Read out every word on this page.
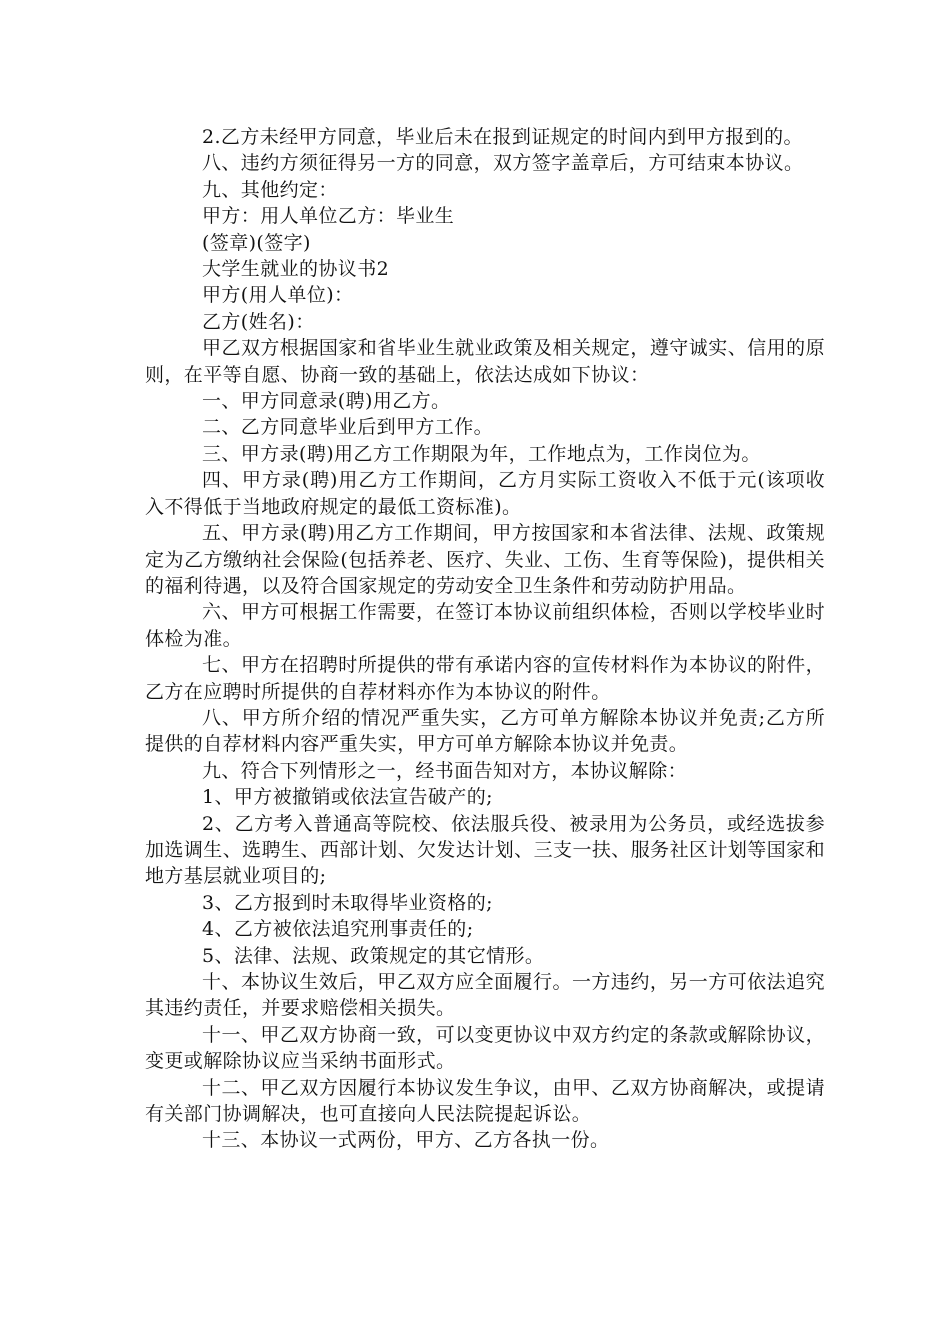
2.乙方未经甲方同意，毕业后未在报到证规定的时间内到甲方报到的。

八、违约方须征得另一方的同意，双方签字盖章后，方可结束本协议。

九、其他约定：

甲方：用人单位乙方：毕业生

(签章)(签字)

大学生就业的协议书2

甲方(用人单位)：

乙方(姓名)：

甲乙双方根据国家和省毕业生就业政策及相关规定，遵守诚实、信用的原则，在平等自愿、协商一致的基础上，依法达成如下协议：

一、甲方同意录(聘)用乙方。

二、乙方同意毕业后到甲方工作。

三、甲方录(聘)用乙方工作期限为年，工作地点为，工作岗位为。

四、甲方录(聘)用乙方工作期间，乙方月实际工资收入不低于元(该项收入不得低于当地政府规定的最低工资标准)。

五、甲方录(聘)用乙方工作期间，甲方按国家和本省法律、法规、政策规定为乙方缴纳社会保险(包括养老、医疗、失业、工伤、生育等保险)，提供相关的福利待遇，以及符合国家规定的劳动安全卫生条件和劳动防护用品。

六、甲方可根据工作需要，在签订本协议前组织体检，否则以学校毕业时体检为准。

七、甲方在招聘时所提供的带有承诺内容的宣传材料作为本协议的附件，乙方在应聘时所提供的自荐材料亦作为本协议的附件。

八、甲方所介绍的情况严重失实，乙方可单方解除本协议并免责;乙方所提供的自荐材料内容严重失实，甲方可单方解除本协议并免责。

九、符合下列情形之一，经书面告知对方，本协议解除：

1、甲方被撤销或依法宣告破产的;

2、乙方考入普通高等院校、依法服兵役、被录用为公务员，或经选拔参加选调生、选聘生、西部计划、欠发达计划、三支一扶、服务社区计划等国家和地方基层就业项目的;

3、乙方报到时未取得毕业资格的;

4、乙方被依法追究刑事责任的;

5、法律、法规、政策规定的其它情形。

十、本协议生效后，甲乙双方应全面履行。一方违约，另一方可依法追究其违约责任，并要求赔偿相关损失。

十一、甲乙双方协商一致，可以变更协议中双方约定的条款或解除协议，变更或解除协议应当采纳书面形式。

十二、甲乙双方因履行本协议发生争议，由甲、乙双方协商解决，或提请有关部门协调解决，也可直接向人民法院提起诉讼。

十三、本协议一式两份，甲方、乙方各执一份。
